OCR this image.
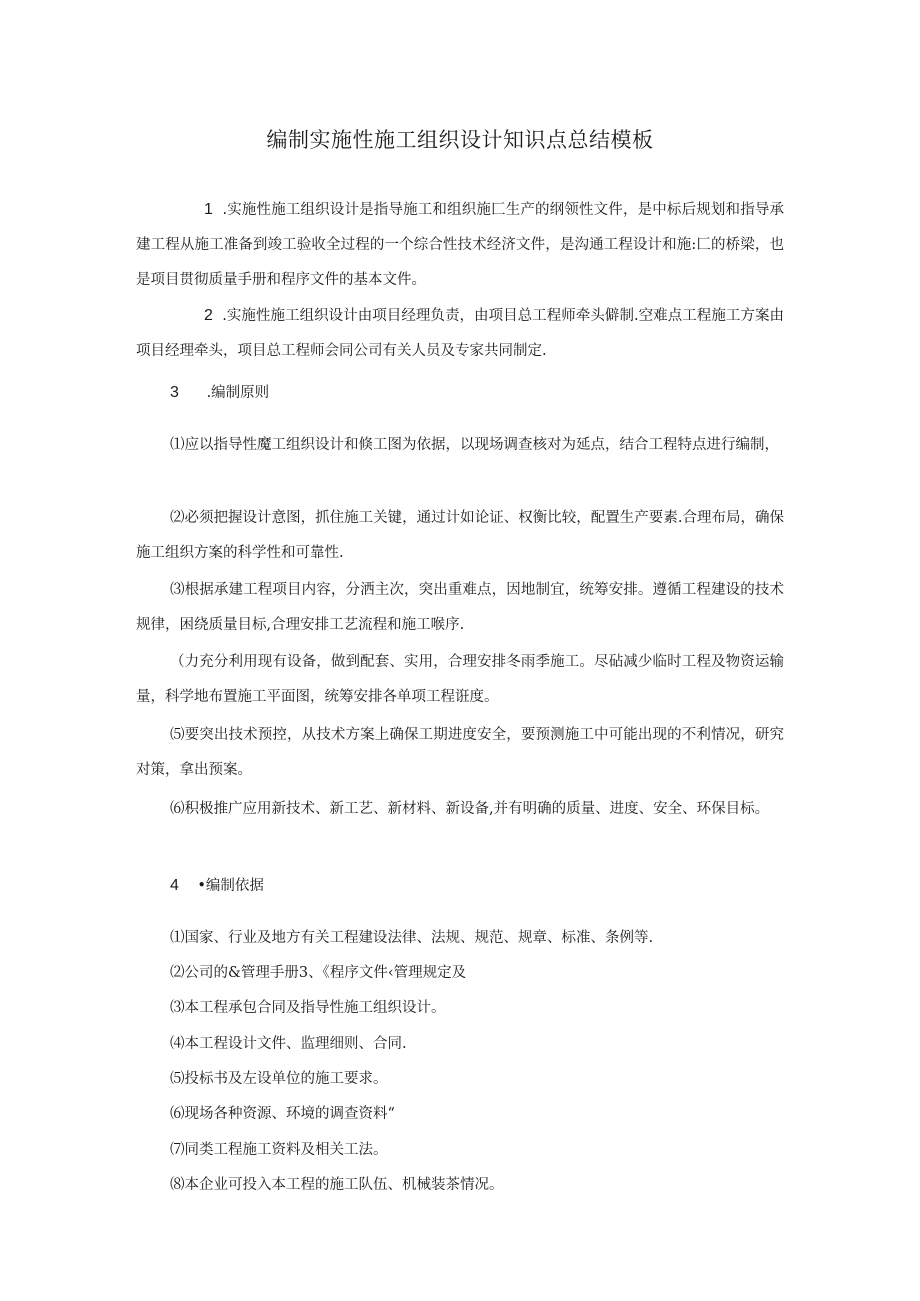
编制实施性施工组织设计知识点总结模板

1 .实施性施工组织设计是指导施工和组织施匚生产的纲领性文件，是中标后规划和指导承建工程从施工准备到竣工验收全过程的一个综合性技术经济文件，是沟通工程设计和施:匚的桥梁，也是项目贯彻质量手册和程序文件的基本文件。

2 .实施性施工组织设计由项目经理负责，由项目总工程师牵头僻制.空难点工程施工方案由项目经理牵头，项目总工程师会同公司有关人员及专家共同制定.

3 .编制原则

⑴应以指导性魔工组织设计和倏工图为依据，以现场调查核对为延点，结合工程特点进行编制，

⑵必须把握设计意图，抓住施工关键，通过计如论证、权衡比较，配置生产要素.合理布局，确保施工组织方案的科学性和可靠性.

⑶根据承建工程项目内容，分洒主次，突出重难点，因地制宜，统筹安排。遵循工程建设的技术规律，困绕质量目标,合理安排工艺流程和施工喉序.

（力充分利用现有设备，做到配套、实用，合理安排冬雨季施工。尽砧减少临时工程及物资运输量，科学地布置施工平面图，统筹安排各单项工程诳度。

⑸要突出技术预控，从技术方案上确保工期进度安全，要预测施工中可能出现的不利情况，研究对策，拿出预案。

⑹积极推广应用新技术、新工艺、新材料、新设备,并有明确的质量、进度、安全、环保目标。

4 •编制依据

⑴国家、行业及地方有关工程建设法律、法规、规范、规章、标准、条例等.

⑵公司的&管理手册3、《程序文件‹管理规定及

⑶本工程承包合同及指导性施工组织设计。

⑷本工程设计文件、监理细则、合同.

⑸投标书及左设单位的施工要求。

⑹现场各种资源、环境的调查资料“

⑺同类工程施工资料及相关工法。

⑻本企业可投入本工程的施工队伍、机械装茶情况。
